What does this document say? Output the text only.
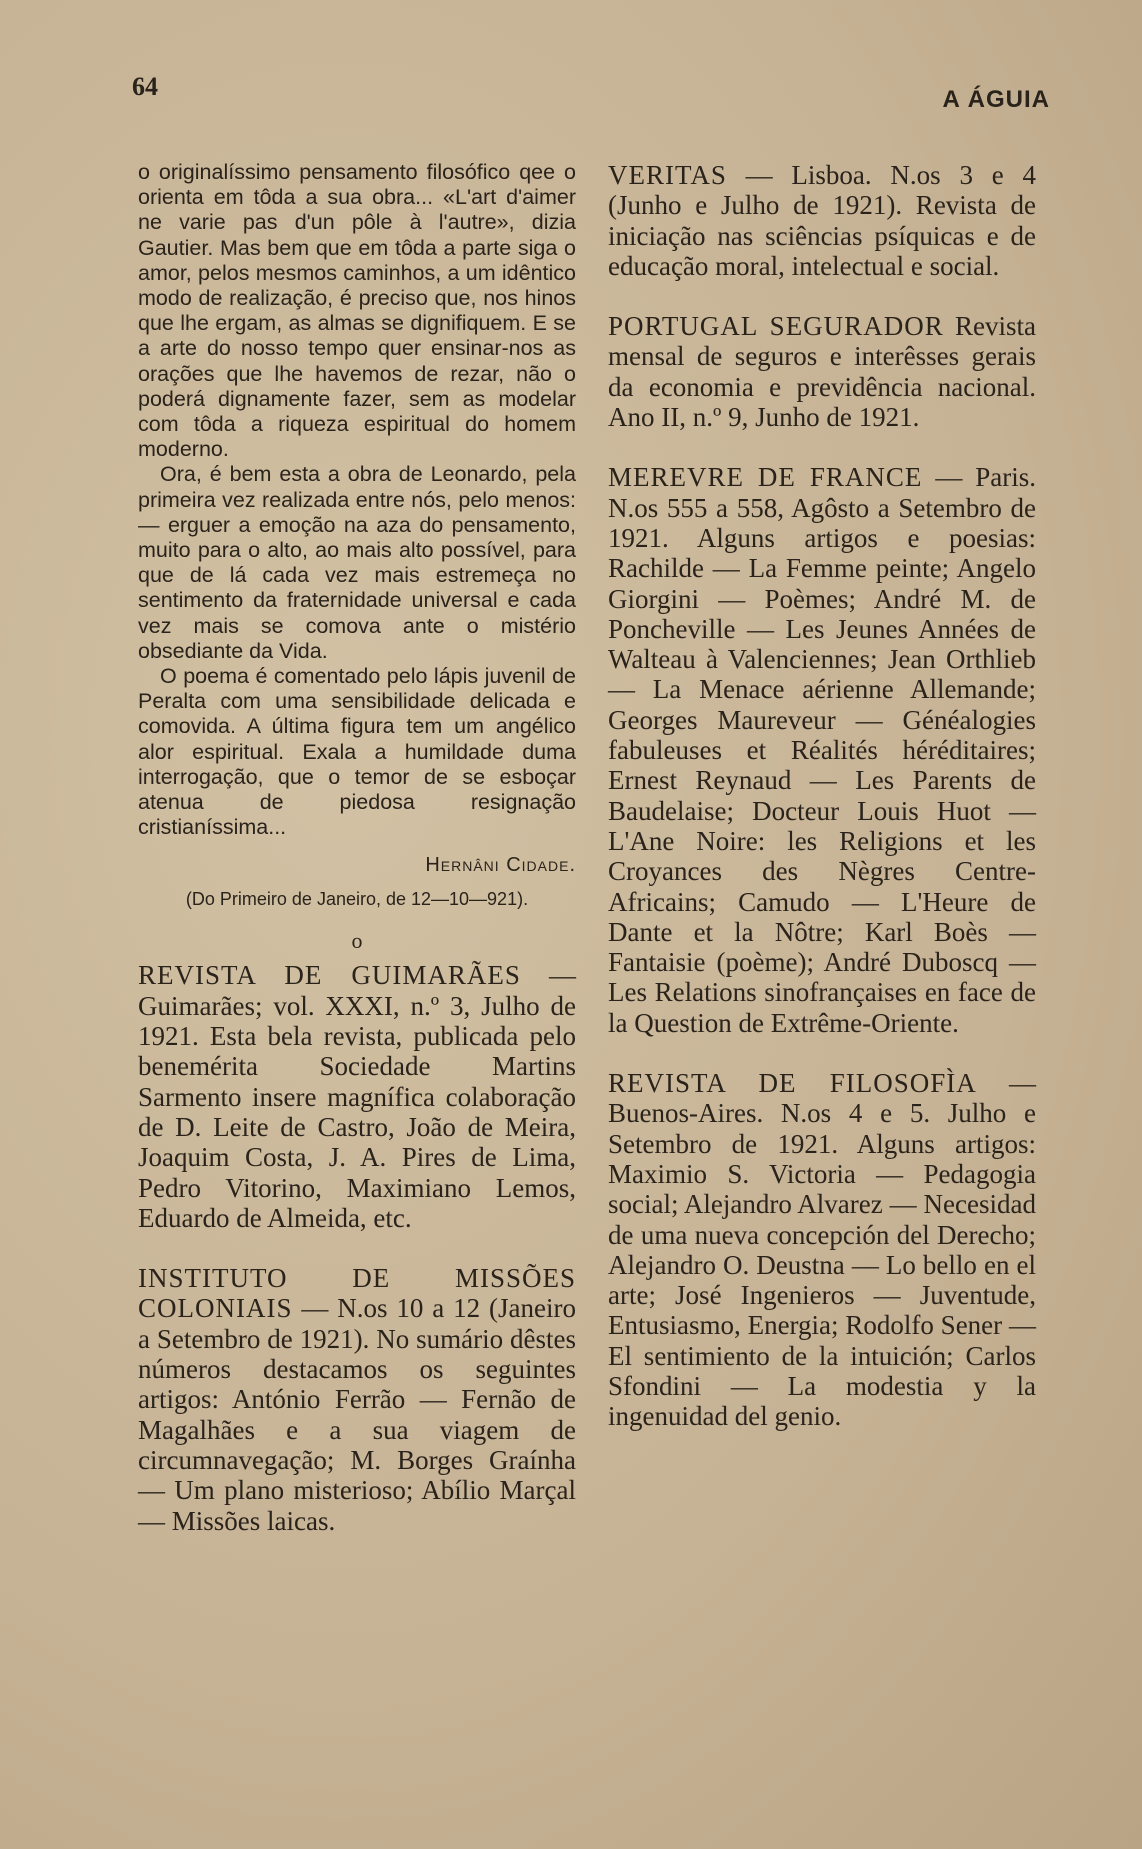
64	A ÁGUIA

o originalíssimo pensamento filosófico qee o orienta em tôda a sua obra... «L'art d'aimer ne varie pas d'un pôle à l'autre», dizia Gautier. Mas bem que em tôda a parte siga o amor, pelos mesmos caminhos, a um idêntico modo de realização, é preciso que, nos hinos que lhe ergam, as almas se dignifiquem. E se a arte do nosso tempo quer ensinar-nos as orações que lhe havemos de rezar, não o poderá dignamente fazer, sem as modelar com tôda a riqueza espiritual do homem moderno.

Ora, é bem esta a obra de Leonardo, pela primeira vez realizada entre nós, pelo menos: — erguer a emoção na aza do pensamento, muito para o alto, ao mais alto possível, para que de lá cada vez mais estremeça no sentimento da fraternidade universal e cada vez mais se comova ante o mistério obsediante da Vida.

O poema é comentado pelo lápis juvenil de Peralta com uma sensibilidade delicada e comovida. A última figura tem um angélico alor espiritual. Exala a humildade duma interrogação, que o temor de se esboçar atenua de piedosa resignação cristianíssima...

Hernâni Cidade.
(Do Primeiro de Janeiro, de 12—10—921).
o

REVISTA DE GUIMARÃES — Guimarães; vol. XXXI, n.º 3, Julho de 1921. Esta bela revista, publicada pelo benemérita Sociedade Martins Sarmento insere magnífica colaboração de D. Leite de Castro, João de Meira, Joaquim Costa, J. A. Pires de Lima, Pedro Vitorino, Maximiano Lemos, Eduardo de Almeida, etc.

INSTITUTO DE MISSÕES COLONIAIS — N.os 10 a 12 (Janeiro a Setembro de 1921). No sumário dêstes números destacamos os seguintes artigos: António Ferrão — Fernão de Magalhães e a sua viagem de circumnavegação; M. Borges Graínha — Um plano misterioso; Abílio Marçal — Missões laicas.

VERITAS — Lisboa. N.os 3 e 4 (Junho e Julho de 1921). Revista de iniciação nas sciências psíquicas e de educação moral, intelectual e social.

PORTUGAL SEGURADOR Revista mensal de seguros e interêsses gerais da economia e previdência nacional. Ano II, n.º 9, Junho de 1921.

MEREVRE DE FRANCE — Paris. N.os 555 a 558, Agôsto a Setembro de 1921. Alguns artigos e poesias: Rachilde — La Femme peinte; Angelo Giorgini — Poèmes; André M. de Poncheville — Les Jeunes Années de Walteau à Valenciennes; Jean Orthlieb — La Menace aérienne Allemande; Georges Maureveur — Généalogies fabuleuses et Réalités héréditaires; Ernest Reynaud — Les Parents de Baudelaise; Docteur Louis Huot — L'Ane Noire: les Religions et les Croyances des Nègres Centre-Africains; Camudo — L'Heure de Dante et la Nôtre; Karl Boès — Fantaisie (poème); André Duboscq — Les Relations sinofrançaises en face de la Question de Extrême-Oriente.

REVISTA DE FILOSOFÌA — Buenos-Aires. N.os 4 e 5. Julho e Setembro de 1921. Alguns artigos: Maximio S. Victoria — Pedagogia social; Alejandro Alvarez — Necesidad de uma nueva concepción del Derecho; Alejandro O. Deustna — Lo bello en el arte; José Ingenieros — Juventude, Entusiasmo, Energia; Rodolfo Sener — El sentimiento de la intuición; Carlos Sfondini — La modestia y la ingenuidad del genio.
